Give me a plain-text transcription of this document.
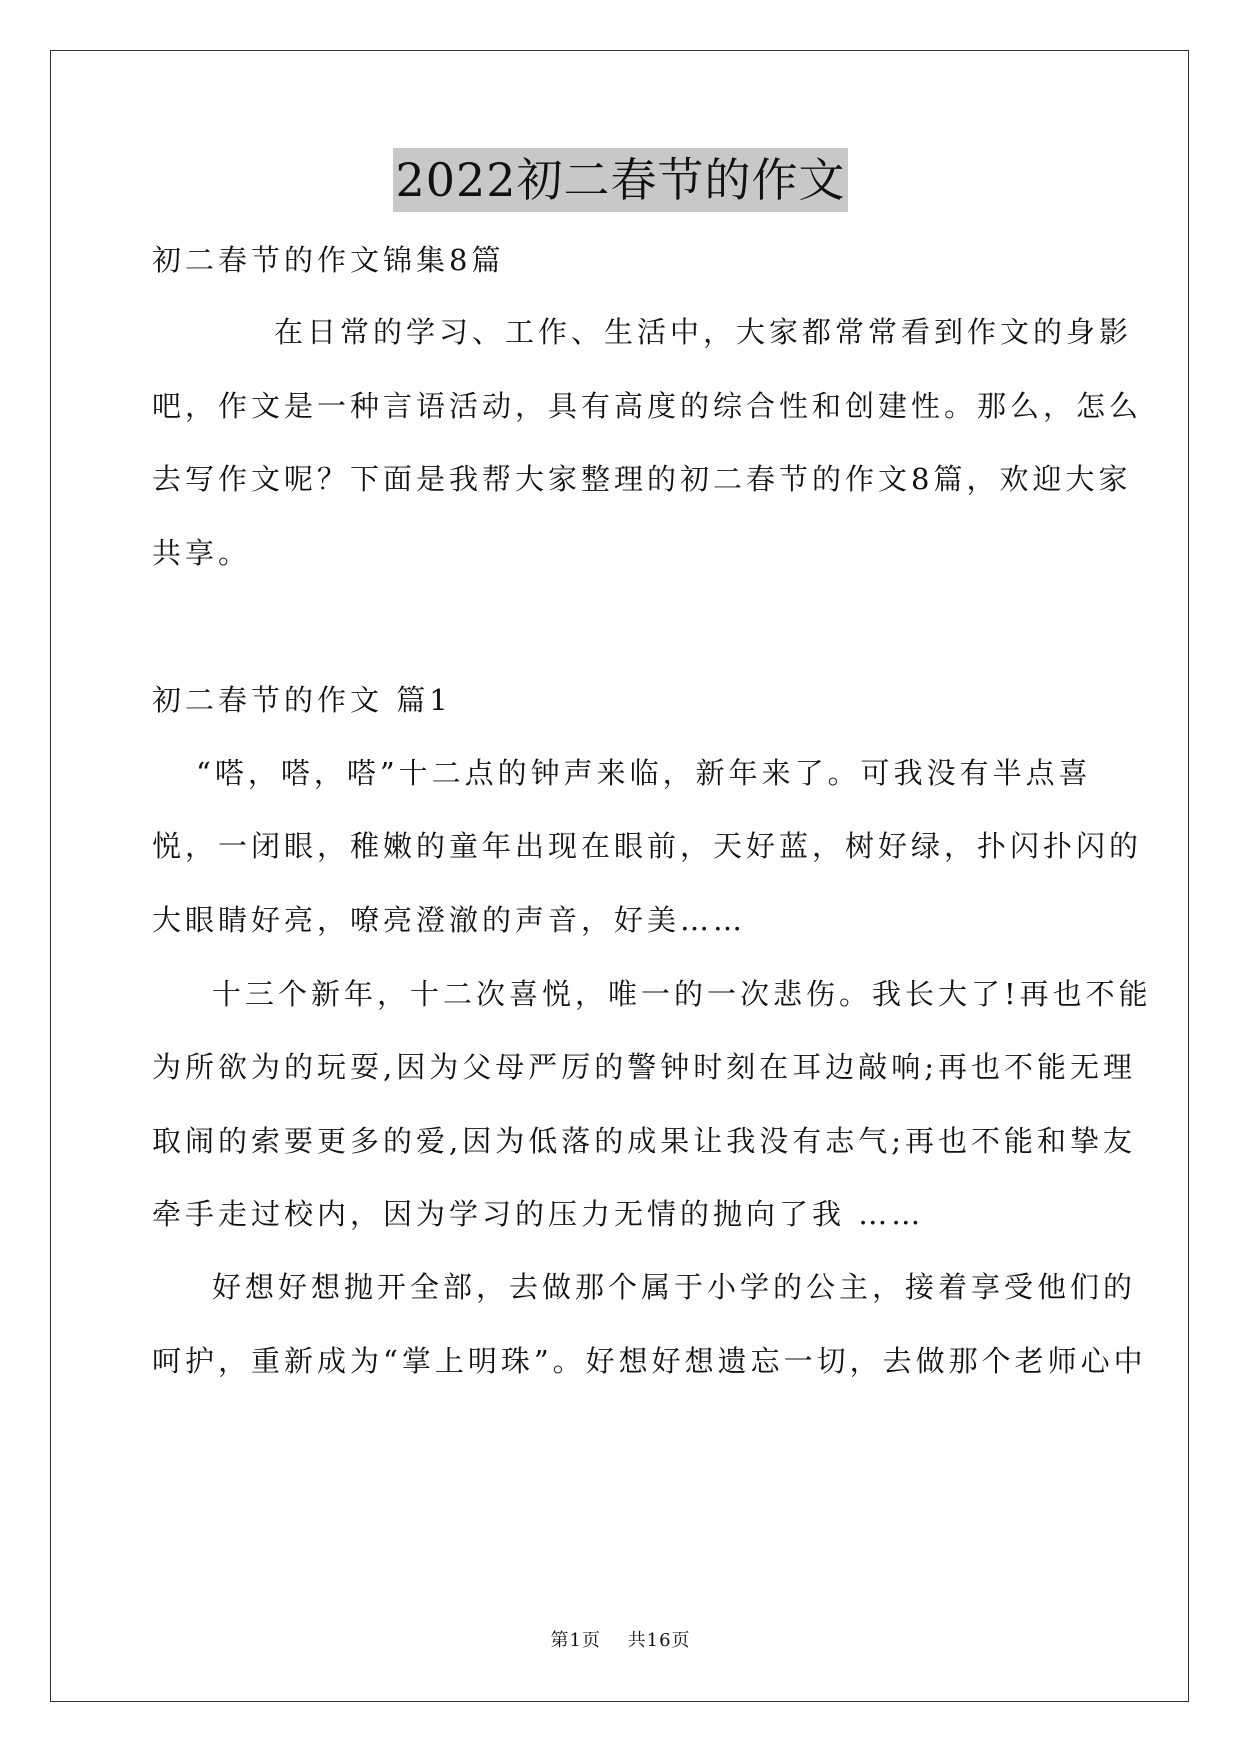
2022初二春节的作文
初二春节的作文锦集8篇
在日常的学习、工作、生活中，大家都常常看到作文的身影
吧，作文是一种言语活动，具有高度的综合性和创建性。那么，怎么
去写作文呢？下面是我帮大家整理的初二春节的作文8篇，欢迎大家
共享。
初二春节的作文 篇1
“嗒，嗒，嗒”十二点的钟声来临，新年来了。可我没有半点喜
悦，一闭眼，稚嫩的童年出现在眼前，天好蓝，树好绿，扑闪扑闪的
大眼睛好亮，嘹亮澄澈的声音，好美……
十三个新年，十二次喜悦，唯一的一次悲伤。我长大了!再也不能
为所欲为的玩耍,因为父母严厉的警钟时刻在耳边敲响;再也不能无理
取闹的索要更多的爱,因为低落的成果让我没有志气;再也不能和挚友
牵手走过校内，因为学习的压力无情的抛向了我 ……
好想好想抛开全部，去做那个属于小学的公主，接着享受他们的
呵护，重新成为“掌上明珠”。好想好想遗忘一切，去做那个老师心中
第1页 共16页
